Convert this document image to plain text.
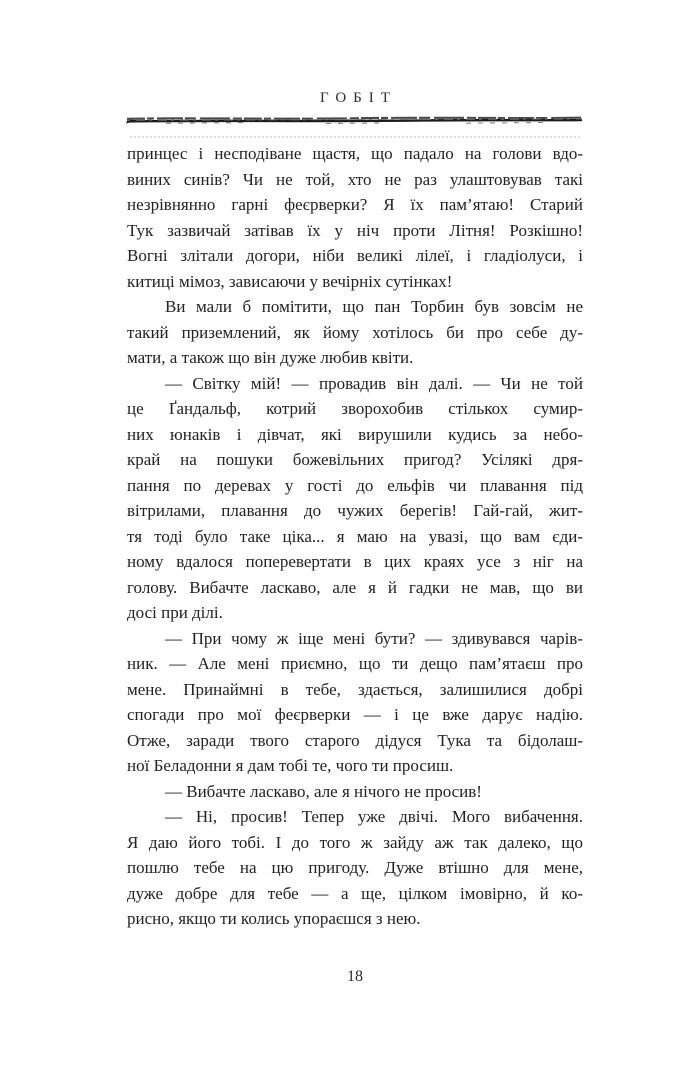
ГОБІТ
принцес і несподіване щастя, що падало на голови вдо-
виних синів? Чи не той, хто не раз улаштовував такі
незрівнянно гарні феєрверки? Я їх пам’ятаю! Старий
Тук зазвичай затівав їх у ніч проти Літня! Розкішно!
Вогні злітали догори, ніби великі лілеї, і гладіолуси, і
китиці мімоз, зависаючи у вечірніх сутінках!
Ви мали б помітити, що пан Торбин був зовсім не
такий приземлений, як йому хотілось би про себе ду-
мати, а також що він дуже любив квіти.
— Світку мій! — провадив він далі. — Чи не той
це Ґандальф, котрий зворохобив стількох сумир-
них юнаків і дівчат, які вирушили кудись за небо-
край на пошуки божевільних пригод? Усілякі дря-
пання по деревах у гості до ельфів чи плавання під
вітрилами, плавання до чужих берегів! Гай-гай, жит-
тя тоді було таке ціка... я маю на увазі, що вам єди-
ному вдалося поперевертати в цих краях усе з ніг на
голову. Вибачте ласкаво, але я й гадки не мав, що ви
досі при ділі.
— При чому ж іще мені бути? — здивувався чарів-
ник. — Але мені приємно, що ти дещо пам’ятаєш про
мене. Принаймні в тебе, здається, залишилися добрі
спогади про мої феєрверки — і це вже дарує надію.
Отже, заради твого старого дідуся Тука та бідолаш-
ної Беладонни я дам тобі те, чого ти просиш.
— Вибачте ласкаво, але я нічого не просив!
— Ні, просив! Тепер уже двічі. Мого вибачення.
Я даю його тобі. І до того ж зайду аж так далеко, що
пошлю тебе на цю пригоду. Дуже втішно для мене,
дуже добре для тебе — а ще, цілком імовірно, й ко-
рисно, якщо ти колись упораєшся з нею.
18
